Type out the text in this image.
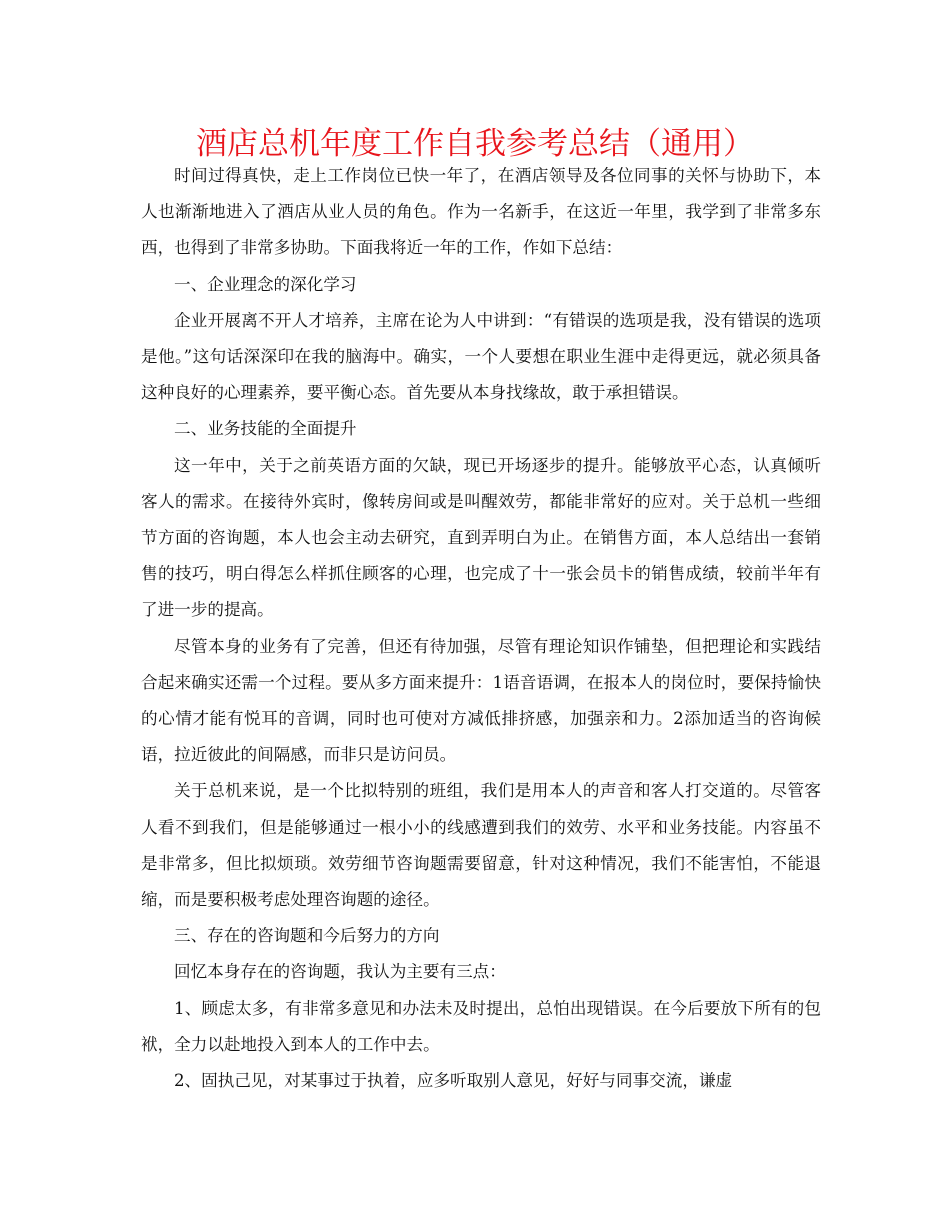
酒店总机年度工作自我参考总结（通用）

时间过得真快，走上工作岗位已快一年了，在酒店领导及各位同事的关怀与协助下，本人也渐渐地进入了酒店从业人员的角色。作为一名新手，在这近一年里，我学到了非常多东西，也得到了非常多协助。下面我将近一年的工作，作如下总结：

一、企业理念的深化学习

企业开展离不开人才培养，主席在论为人中讲到：“有错误的选项是我，没有错误的选项是他。”这句话深深印在我的脑海中。确实，一个人要想在职业生涯中走得更远，就必须具备这种良好的心理素养，要平衡心态。首先要从本身找缘故，敢于承担错误。

二、业务技能的全面提升

这一年中，关于之前英语方面的欠缺，现已开场逐步的提升。能够放平心态，认真倾听客人的需求。在接待外宾时，像转房间或是叫醒效劳，都能非常好的应对。关于总机一些细节方面的咨询题，本人也会主动去研究，直到弄明白为止。在销售方面，本人总结出一套销售的技巧，明白得怎么样抓住顾客的心理，也完成了十一张会员卡的销售成绩，较前半年有了进一步的提高。

尽管本身的业务有了完善，但还有待加强，尽管有理论知识作铺垫，但把理论和实践结合起来确实还需一个过程。要从多方面来提升：1语音语调，在报本人的岗位时，要保持愉快的心情才能有悦耳的音调，同时也可使对方减低排挤感，加强亲和力。2添加适当的咨询候语，拉近彼此的间隔感，而非只是访问员。

关于总机来说，是一个比拟特别的班组，我们是用本人的声音和客人打交道的。尽管客人看不到我们，但是能够通过一根小小的线感遭到我们的效劳、水平和业务技能。内容虽不是非常多，但比拟烦琐。效劳细节咨询题需要留意，针对这种情况，我们不能害怕，不能退缩，而是要积极考虑处理咨询题的途径。

三、存在的咨询题和今后努力的方向

回忆本身存在的咨询题，我认为主要有三点：

1、顾虑太多，有非常多意见和办法未及时提出，总怕出现错误。在今后要放下所有的包袱，全力以赴地投入到本人的工作中去。

2、固执己见，对某事过于执着，应多听取别人意见，好好与同事交流，谦虚
